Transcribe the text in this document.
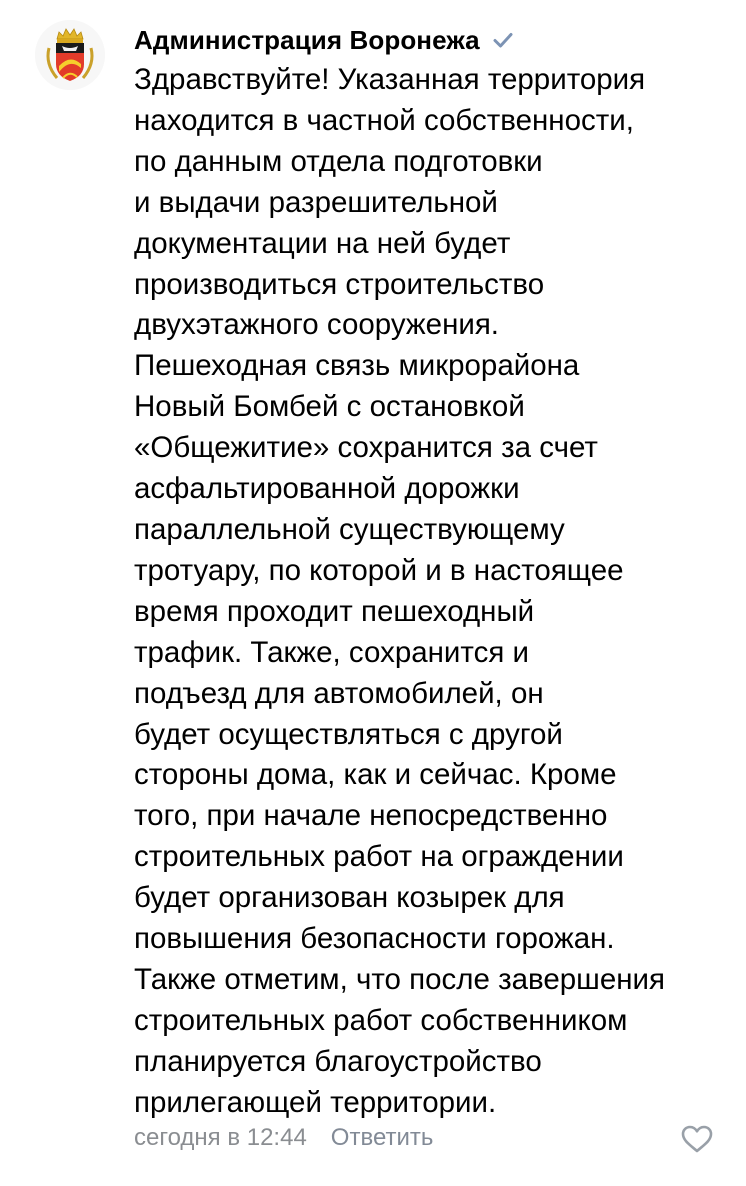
Администрация Воронежа
Здравствуйте! Указанная территория
находится в частной собственности,
по данным отдела подготовки
и выдачи разрешительной
документации на ней будет
производиться строительство
двухэтажного сооружения.
Пешеходная связь микрорайона
Новый Бомбей с остановкой
«Общежитие» сохранится за счет
асфальтированной дорожки
параллельной существующему
тротуару, по которой и в настоящее
время проходит пешеходный
трафик. Также, сохранится и
подъезд для автомобилей, он
будет осуществляться с другой
стороны дома, как и сейчас. Кроме
того, при начале непосредственно
строительных работ на ограждении
будет организован козырек для
повышения безопасности горожан.
Также отметим, что после завершения
строительных работ собственником
планируется благоустройство
прилегающей территории.
сегодня в 12:44 Ответить
